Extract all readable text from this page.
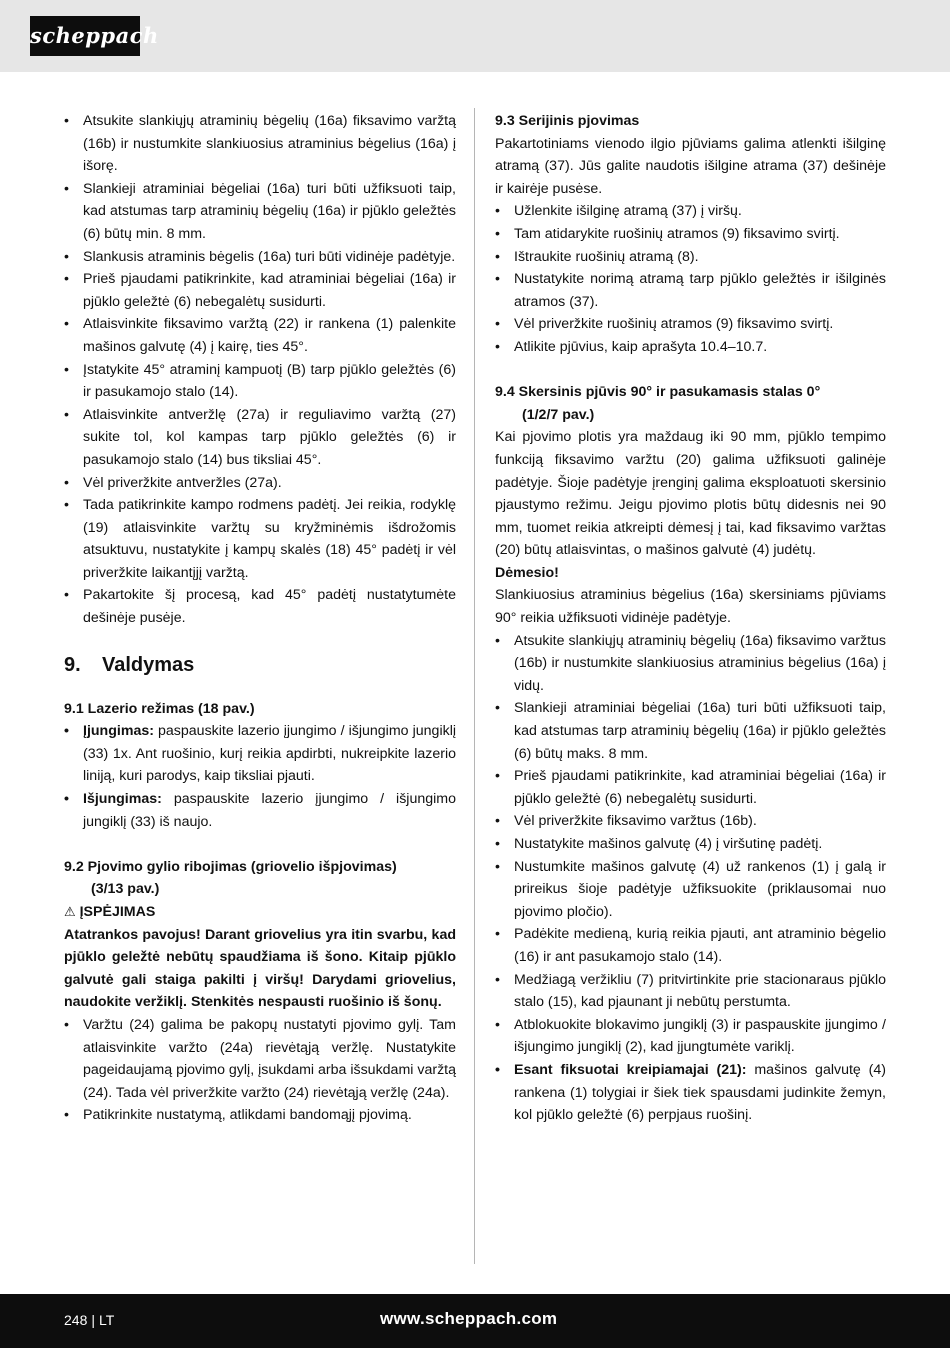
scheppach
• Atsukite slankiųjų atraminių bėgelių (16a) fiksavimo varžtą (16b) ir nustumkite slankiuosius atraminius bėgelius (16a) į išorę.
• Slankieji atraminiai bėgeliai (16a) turi būti užfiksuoti taip, kad atstumas tarp atraminių bėgelių (16a) ir pjūklo geležtės (6) būtų min. 8 mm.
• Slankusis atraminis bėgelis (16a) turi būti vidinėje padėtyje.
• Prieš pjaudami patikrinkite, kad atraminiai bėgeliai (16a) ir pjūklo geležtė (6) nebegalėtų susidurti.
• Atlaisvinkite fiksavimo varžtą (22) ir rankena (1) palenkite mašinos galvutę (4) į kairę, ties 45°.
• Įstatykite 45° atraminį kampuotį (B) tarp pjūklo geležtės (6) ir pasukamojo stalo (14).
• Atlaisvinkite antveržlę (27a) ir reguliavimo varžtą (27) sukite tol, kol kampas tarp pjūklo geležtės (6) ir pasukamojo stalo (14) bus tiksliai 45°.
• Vėl priveržkite antveržles (27a).
• Tada patikrinkite kampo rodmens padėtį. Jei reikia, rodyklę (19) atlaisvinkite varžtų su kryžminėmis išdrožomis atsuktuvu, nustatykite į kampų skalės (18) 45° padėtį ir vėl priveržkite laikantįjį varžtą.
• Pakartokite šį procesą, kad 45° padėtį nustatytumėte dešinėje pusėje.
9. Valdymas

9.1 Lazerio režimas (18 pav.)

• Įjungimas: paspauskite lazerio įjungimo / išjungimo jungiklį (33) 1x. Ant ruošinio, kurį reikia apdirbti, nukreipkite lazerio liniją, kuri parodys, kaip tiksliai pjauti.
• Išjungimas: paspauskite lazerio įjungimo / išjungimo jungiklį (33) iš naujo.

9.2 Pjovimo gylio ribojimas (griovelio išpjovimas)
(3/13 pav.)

⚠ ĮSPĖJIMAS

Atatrankos pavojus! Darant griovelius yra itin svarbu, kad pjūklo geležtė nebūtų spaudžiama iš šono. Kitaip pjūklo galvutė gali staiga pakilti į viršų! Darydami griovelius, naudokite veržiklį. Stenkitės nespausti ruošinio iš šonų.

• Varžtu (24) galima be pakopų nustatyti pjovimo gylį. Tam atlaisvinkite varžto (24a) rievėtąją veržlę. Nustatykite pageidaujamą pjovimo gylį, įsukdami arba išsukdami varžtą (24). Tada vėl priveržkite varžto (24) rievėtąją veržlę (24a).
• Patikrinkite nustatymą, atlikdami bandomąjį pjovimą.

9.3 Serijinis pjovimas

Pakartotiniams vienodo ilgio pjūviams galima atlenkti išilginę atramą (37). Jūs galite naudotis išilgine atrama (37) dešinėje ir kairėje pusėse.

• Užlenkite išilginę atramą (37) į viršų.
• Tam atidarykite ruošinių atramos (9) fiksavimo svirtį.
• Ištraukite ruošinių atramą (8).
• Nustatykite norimą atramą tarp pjūklo geležtės ir išilginės atramos (37).
• Vėl priveržkite ruošinių atramos (9) fiksavimo svirtį.
• Atlikite pjūvius, kaip aprašyta 10.4–10.7.

9.4 Skersinis pjūvis 90° ir pasukamasis stalas 0°
(1/2/7 pav.)

Kai pjovimo plotis yra maždaug iki 90 mm, pjūklo tempimo funkciją fiksavimo varžtu (20) galima užfiksuoti galinėje padėtyje. Šioje padėtyje įrenginį galima eksploatuoti skersinio pjaustymo režimu. Jeigu pjovimo plotis būtų didesnis nei 90 mm, tuomet reikia atkreipti dėmesį į tai, kad fiksavimo varžtas (20) būtų atlaisvintas, o mašinos galvutė (4) judėtų.

Dėmesio!

Slankiuosius atraminius bėgelius (16a) skersiniams pjūviams 90° reikia užfiksuoti vidinėje padėtyje.

• Atsukite slankiųjų atraminių bėgelių (16a) fiksavimo varžtus (16b) ir nustumkite slankiuosius atraminius bėgelius (16a) į vidų.
• Slankieji atraminiai bėgeliai (16a) turi būti užfiksuoti taip, kad atstumas tarp atraminių bėgelių (16a) ir pjūklo geležtės (6) būtų maks. 8 mm.
• Prieš pjaudami patikrinkite, kad atraminiai bėgeliai (16a) ir pjūklo geležtė (6) nebegalėtų susidurti.
• Vėl priveržkite fiksavimo varžtus (16b).
• Nustatykite mašinos galvutę (4) į viršutinę padėtį.
• Nustumkite mašinos galvutę (4) už rankenos (1) į galą ir prireikus šioje padėtyje užfiksuokite (priklausomai nuo pjovimo pločio).
• Padėkite medieną, kurią reikia pjauti, ant atraminio bėgelio (16) ir ant pasukamojo stalo (14).
• Medžiagą veržikliu (7) pritvirtinkite prie stacionaraus pjūklo stalo (15), kad pjaunant ji nebūtų perstumta.
• Atblokuokite blokavimo jungiklį (3) ir paspauskite įjungimo / išjungimo jungiklį (2), kad įjungtumėte variklį.
• Esant fiksuotai kreipiamajai (21): mašinos galvutę (4) rankena (1) tolygiai ir šiek tiek spausdami judinkite žemyn, kol pjūklo geležtė (6) perpjaus ruošinį.
248 | LT	www.scheppach.com
